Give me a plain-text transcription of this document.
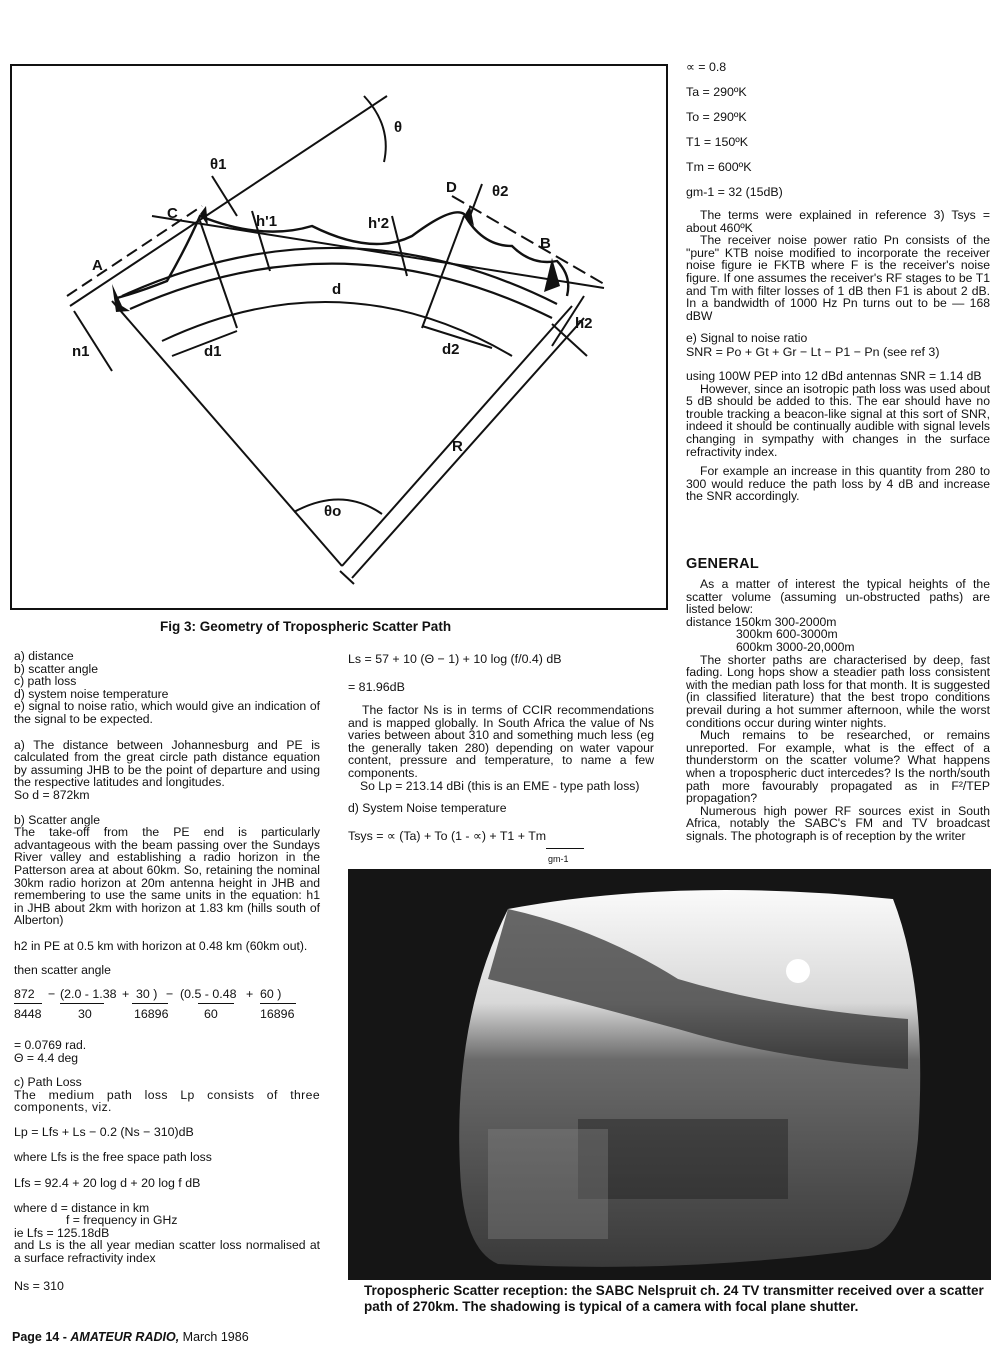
θ
θ1
θ2
C
D
A
B
h'1	h'2
d
d1	d2
n1
h2
R
θo
Fig 3: Geometry of Tropospheric Scatter Path
∝ = 0.8
Ta = 290ºK
To = 290ºK
T1 = 150ºK
Tm = 600ºK
gm-1 = 32 (15dB)

The terms were explained in reference 3) Tsys = about 460ºK

The receiver noise power ratio Pn consists of the "pure" KTB noise modified to incorporate the receiver noise figure ie FKTB where F is the receiver's noise figure. If one assumes the receiver's RF stages to be T1 and Tm with filter losses of 1 dB then F1 is about 2 dB. In a bandwidth of 1000 Hz Pn turns out to be — 168 dBW

e) Signal to noise ratio
SNR = Po + Gt + Gr − Lt − P1 − Pn (see ref 3)

using 100W PEP into 12 dBd antennas SNR = 1.14 dB

However, since an isotropic path loss was used about 5 dB should be added to this. The ear should have no trouble tracking a beacon-like signal at this sort of SNR, indeed it should be continually audible with signal levels changing in sympathy with changes in the surface refractivity index.

For example an increase in this quantity from 280 to 300 would reduce the path loss by 4 dB and increase the SNR accordingly.

GENERAL

As a matter of interest the typical heights of the scatter volume (assuming un-obstructed paths) are listed below:

distance 150km 300-2000m
300km 600-3000m
600km 3000-20,000m

The shorter paths are characterised by deep, fast fading. Long hops show a steadier path loss consistent with the median path loss for that month. It is suggested (in classified literature) that the best tropo conditions prevail during a hot summer afternoon, while the worst conditions occur during winter nights.

Much remains to be researched, or remains unreported. For example, what is the effect of a thunderstorm on the scatter volume? What happens when a tropospheric duct intercedes? Is the north/south path more favourably propagated as in F²/TEP propagation?

Numerous high power RF sources exist in South Africa, notably the SABC's FM and TV broadcast signals. The photograph is of reception by the writer

a) distance
b) scatter angle
c) path loss
d) system noise temperature
e) signal to noise ratio, which would give an indication of the signal to be expected.

a) The distance between Johannesburg and PE is calculated from the great circle path distance equation by assuming JHB to be the point of departure and using the respective latitudes and longitudes.

So d = 872km
b) Scatter angle

The take-off from the PE end is particularly advantageous with the beam passing over the Sundays River valley and establishing a radio horizon in the Patterson area at about 60km. So, retaining the nominal 30km radio horizon at 20m antenna height in JHB and remembering to use the same units in the equation: h1 in JHB about 2km with horizon at 1.83 km (hills south of Alberton)

h2 in PE at 0.5 km with horizon at 0.48 km (60km out).
then scatter angle
872 − (2.0 - 1.38 + 30 ) − (0.5 - 0.48 + 60 )
8448	30	16896	60	16896
= 0.0769 rad.
Θ = 4.4 deg
c) Path Loss

The medium path loss Lp consists of three components, viz.

Lp = Lfs + Ls − 0.2 (Ns − 310)dB
where Lfs is the free space path loss
Lfs = 92.4 + 20 log d + 20 log f dB
where d = distance in km
f = frequency in GHz
ie Lfs = 125.18dB

and Ls is the all year median scatter loss normalised at a surface refractivity index

Ns = 310
Ls = 57 + 10 (Θ − 1) + 10 log (f/0.4) dB
= 81.96dB

The factor Ns is in terms of CCIR recommendations and is mapped globally. In South Africa the value of Ns varies between about 310 and something much less (eg the generally taken 280) depending on water vapour content, pressure and temperature, to name a few components.

So Lp = 213.14 dBi (this is an EME - type path loss)
d) System Noise temperature
Tsys = ∝ (Ta) + To (1 - ∝) + T1 + Tm
gm-1
Tropospheric Scatter reception: the SABC Nelspruit ch. 24 TV transmitter received over a scatter path of 270km. The shadowing is typical of a camera with focal plane shutter.
Page 14 - AMATEUR RADIO, March 1986
